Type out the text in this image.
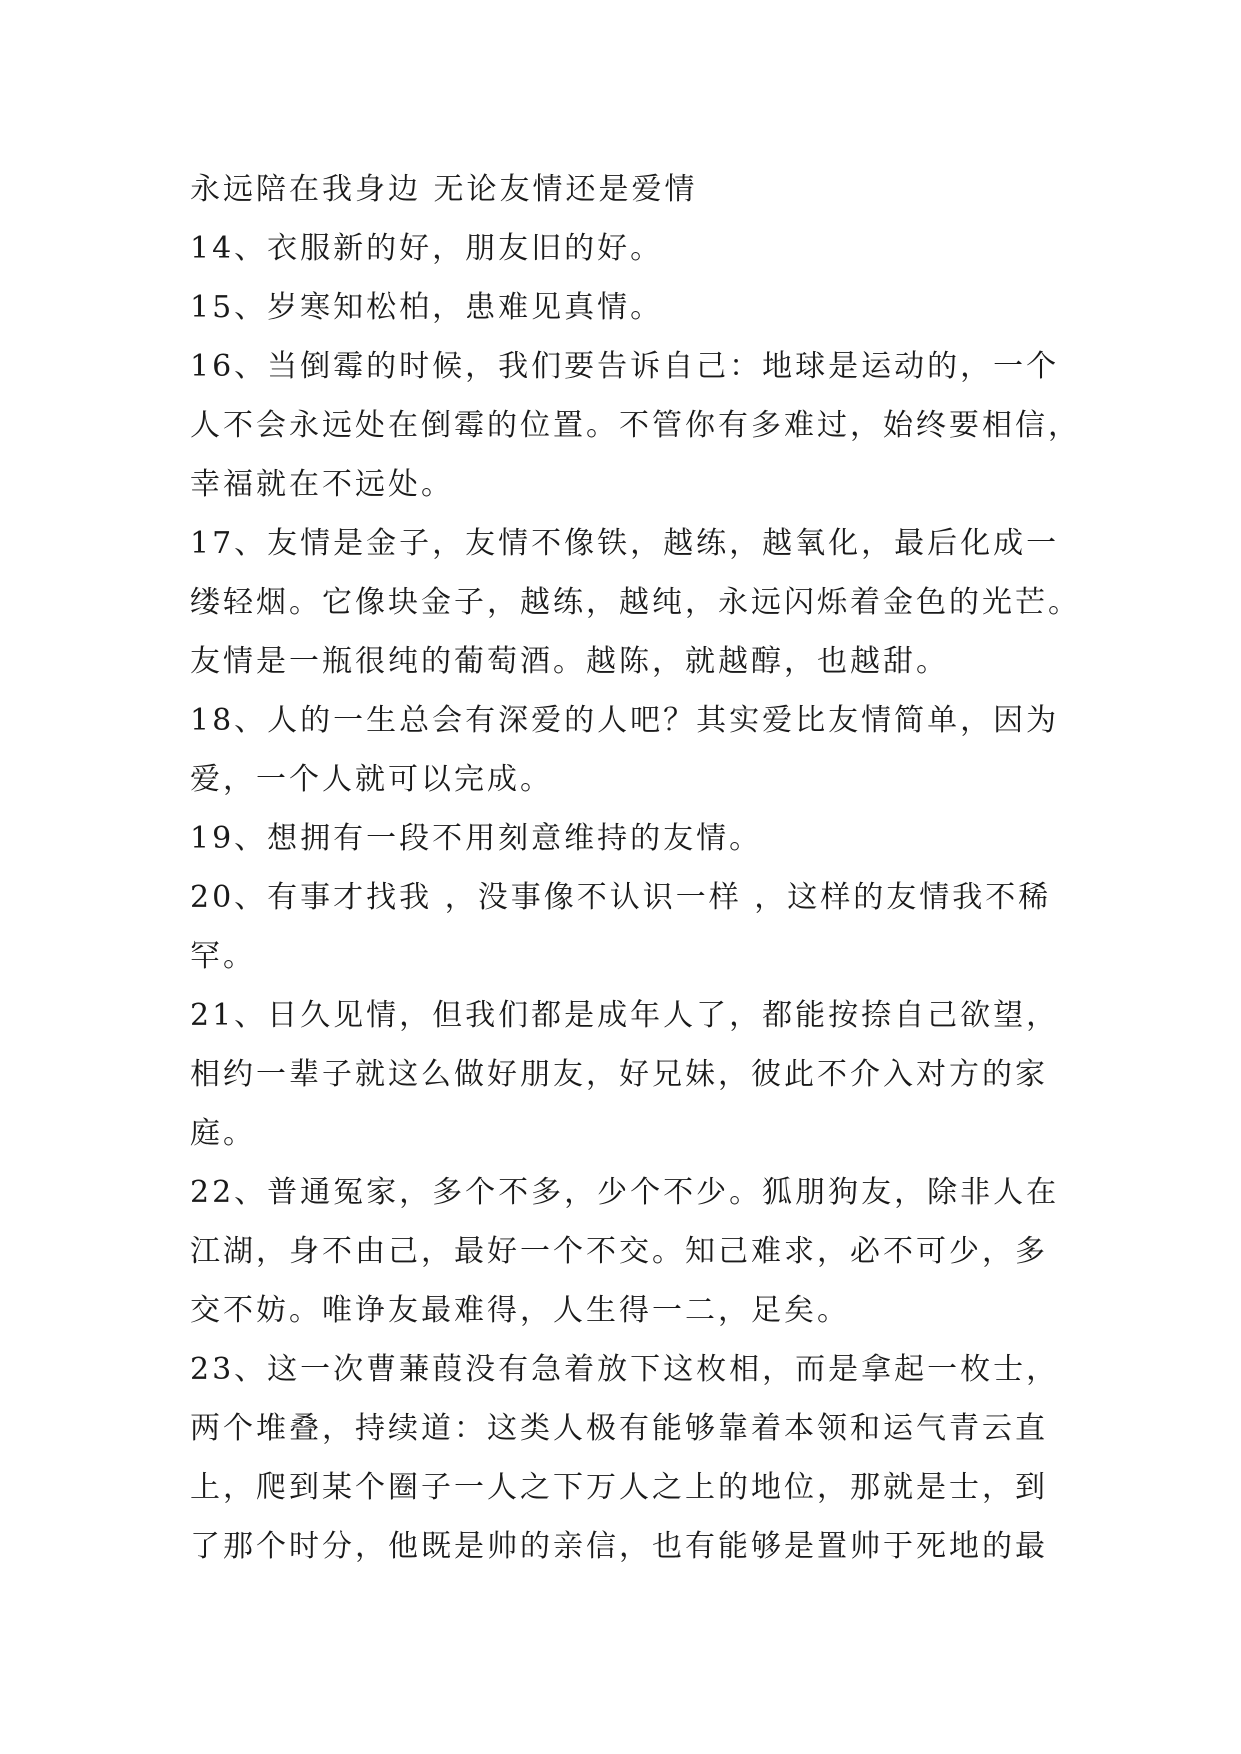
永远陪在我身边 无论友情还是爱情
14、衣服新的好，朋友旧的好。
15、岁寒知松柏，患难见真情。
16、当倒霉的时候，我们要告诉自己：地球是运动的，一个
人不会永远处在倒霉的位置。不管你有多难过，始终要相信，
幸福就在不远处。
17、友情是金子，友情不像铁，越练，越氧化，最后化成一
缕轻烟。它像块金子，越练，越纯，永远闪烁着金色的光芒。
友情是一瓶很纯的葡萄酒。越陈，就越醇，也越甜。
18、人的一生总会有深爱的人吧？其实爱比友情简单，因为
爱，一个人就可以完成。
19、想拥有一段不用刻意维持的友情。
20、有事才找我 ，没事像不认识一样 ，这样的友情我不稀
罕。
21、日久见情，但我们都是成年人了，都能按捺自己欲望，
相约一辈子就这么做好朋友，好兄妹，彼此不介入对方的家
庭。
22、普通冤家，多个不多，少个不少。狐朋狗友，除非人在
江湖，身不由己，最好一个不交。知己难求，必不可少，多
交不妨。唯诤友最难得，人生得一二，足矣。
23、这一次曹蒹葭没有急着放下这枚相，而是拿起一枚士，
两个堆叠，持续道：这类人极有能够靠着本领和运气青云直
上，爬到某个圈子一人之下万人之上的地位，那就是士，到
了那个时分，他既是帅的亲信，也有能够是置帅于死地的最
